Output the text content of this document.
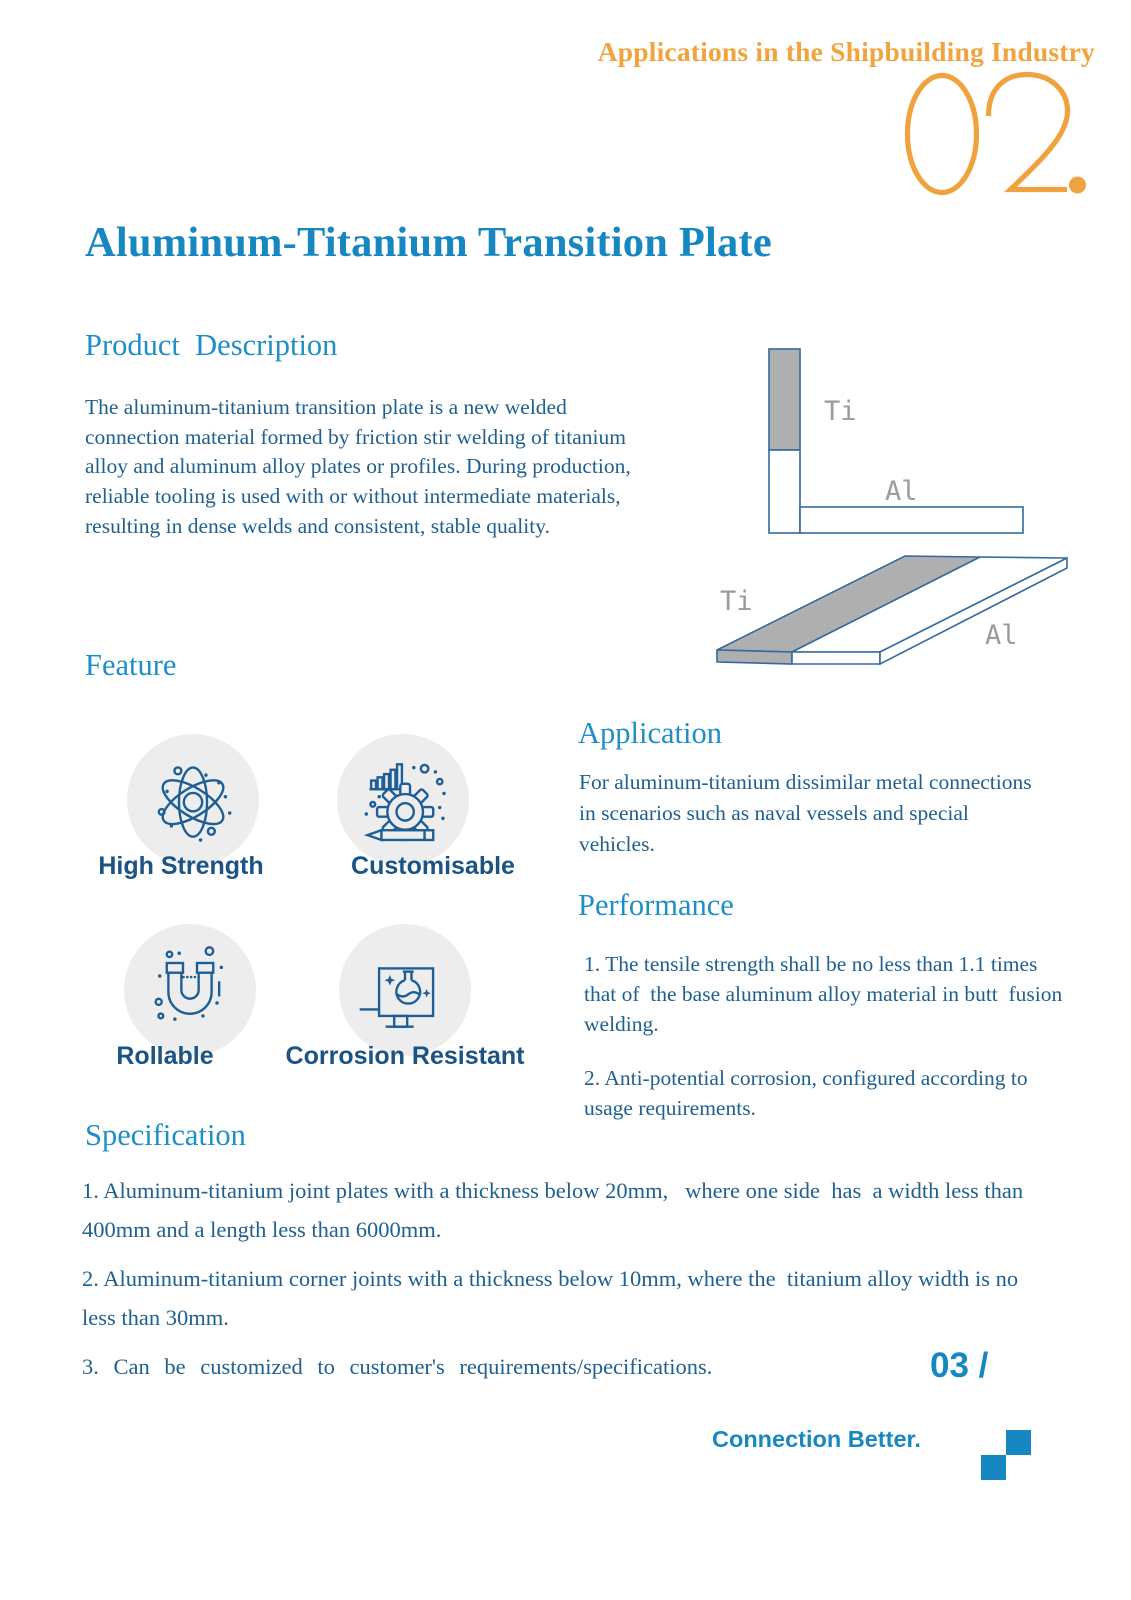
Applications in the Shipbuilding Industry
Aluminum-Titanium Transition Plate
Product  Description
The aluminum-titanium transition plate is a new welded connection material formed by friction stir welding of titanium alloy and aluminum alloy plates or profiles. During production, reliable tooling is used with or without intermediate materials, resulting in dense welds and consistent, stable quality.
Ti
Al
Ti
Al
Feature
High Strength	Customisable
Rollable	Corrosion Resistant
Application
For aluminum-titanium dissimilar metal connections in scenarios such as naval vessels and special vehicles.
Performance
1. The tensile strength shall be no less than 1.1 times that of  the base aluminum alloy material in butt  fusion welding.
2. Anti-potential corrosion, configured according to usage requirements.
Specification
1. Aluminum-titanium joint plates with a thickness below 20mm,   where one side  has  a width less than 400mm and a length less than 6000mm.
2. Aluminum-titanium corner joints with a thickness below 10mm, where the  titanium alloy width is no less than 30mm.
3. Can be customized to customer's requirements/specifications.	03 /
Connection Better.
